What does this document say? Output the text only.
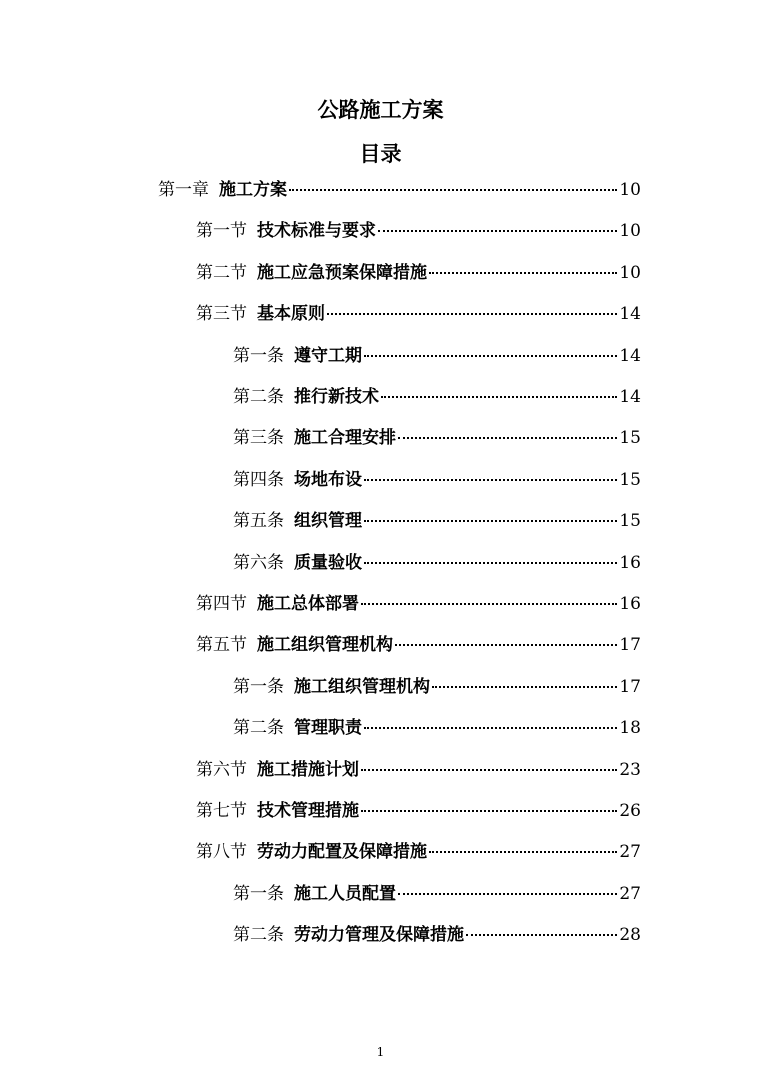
公路施工方案
目录
第一章 施工方案	10
第一节 技术标准与要求	10
第二节 施工应急预案保障措施	10
第三节 基本原则	14
第一条 遵守工期	14
第二条 推行新技术	14
第三条 施工合理安排	15
第四条 场地布设	15
第五条 组织管理	15
第六条 质量验收	16
第四节 施工总体部署	16
第五节 施工组织管理机构	17
第一条 施工组织管理机构	17
第二条 管理职责	18
第六节 施工措施计划	23
第七节 技术管理措施	26
第八节 劳动力配置及保障措施	27
第一条 施工人员配置	27
第二条 劳动力管理及保障措施	28
1
